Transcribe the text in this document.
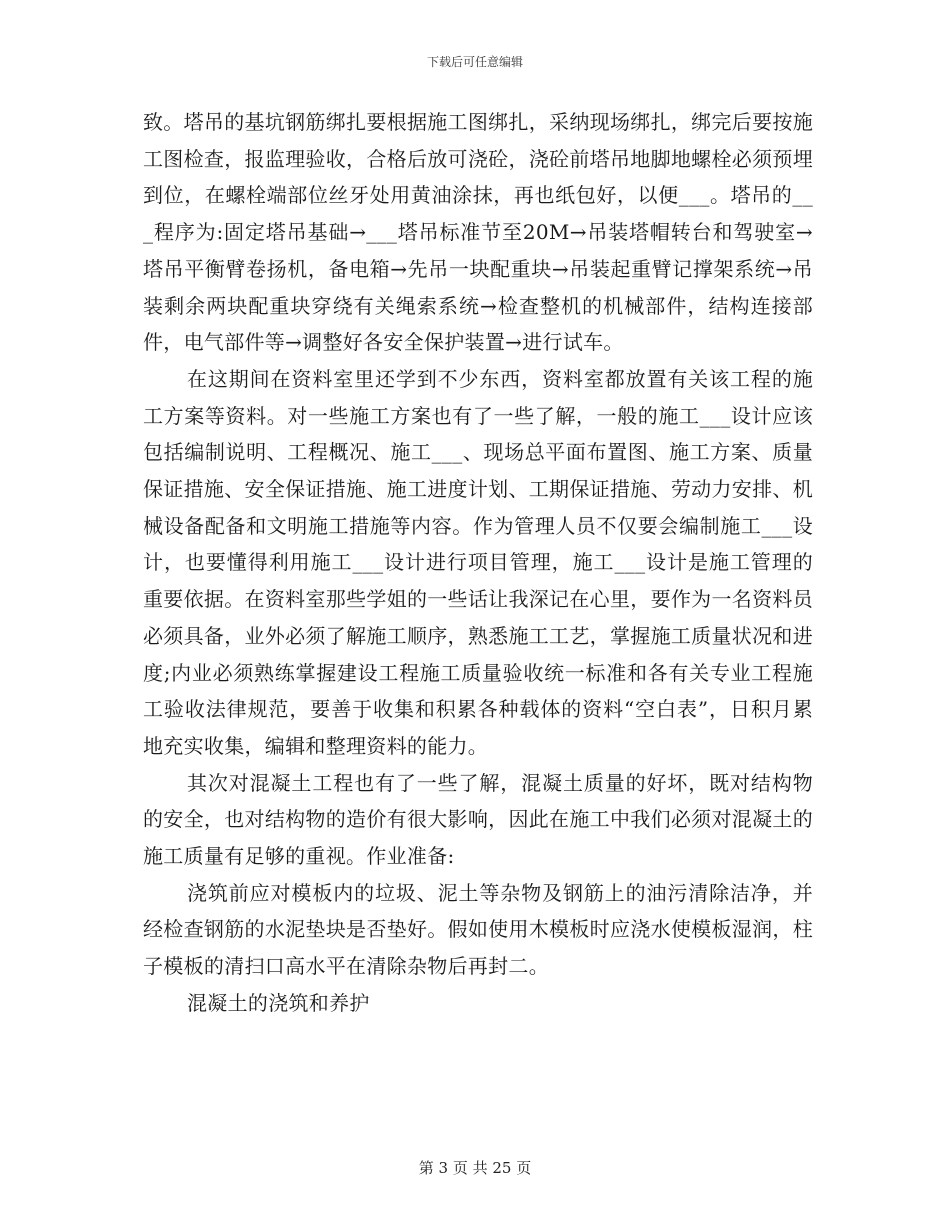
下载后可任意编辑

致。塔吊的基坑钢筋绑扎要根据施工图绑扎，采纳现场绑扎，绑完后要按施工图检查，报监理验收，合格后放可浇砼，浇砼前塔吊地脚地螺栓必须预埋到位，在螺栓端部位丝牙处用黄油涂抹，再也纸包好，以便___。塔吊的___程序为:固定塔吊基础→___塔吊标准节至20M→吊装塔帽转台和驾驶室→塔吊平衡臂卷扬机，备电箱→先吊一块配重块→吊装起重臂记撑架系统→吊装剩余两块配重块穿绕有关绳索系统→检查整机的机械部件，结构连接部件，电气部件等→调整好各安全保护装置→进行试车。

在这期间在资料室里还学到不少东西，资料室都放置有关该工程的施工方案等资料。对一些施工方案也有了一些了解，一般的施工___设计应该包括编制说明、工程概况、施工___、现场总平面布置图、施工方案、质量保证措施、安全保证措施、施工进度计划、工期保证措施、劳动力安排、机械设备配备和文明施工措施等内容。作为管理人员不仅要会编制施工___设计，也要懂得利用施工___设计进行项目管理，施工___设计是施工管理的重要依据。在资料室那些学姐的一些话让我深记在心里，要作为一名资料员必须具备，业外必须了解施工顺序，熟悉施工工艺，掌握施工质量状况和进度;内业必须熟练掌握建设工程施工质量验收统一标准和各有关专业工程施工验收法律规范，要善于收集和积累各种载体的资料“空白表”，日积月累地充实收集，编辑和整理资料的能力。

其次对混凝土工程也有了一些了解，混凝土质量的好坏，既对结构物的安全，也对结构物的造价有很大影响，因此在施工中我们必须对混凝土的施工质量有足够的重视。作业准备:

浇筑前应对模板内的垃圾、泥土等杂物及钢筋上的油污清除洁净，并经检查钢筋的水泥垫块是否垫好。假如使用木模板时应浇水使模板湿润，柱子模板的清扫口高水平在清除杂物后再封二。

混凝土的浇筑和养护

第 3 页 共 25 页
